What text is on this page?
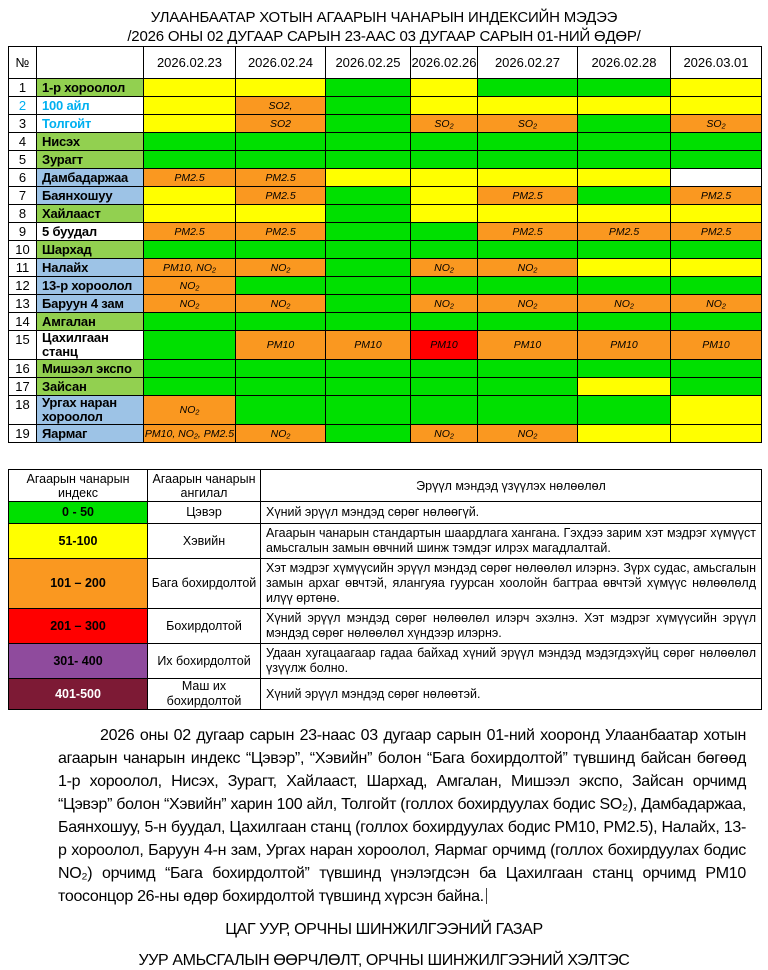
УЛААНБААТАР ХОТЫН АГААРЫН ЧАНАРЫН ИНДЕКСИЙН МЭДЭЭ
/2026 ОНЫ 02 ДУГААР САРЫН 23-ААС 03 ДУГААР САРЫН 01-НИЙ ӨДӨР/
№		2026.02.23	2026.02.24	2026.02.25	2026.02.26	2026.02.27	2026.02.28	2026.03.01
1	1-р хороолол							
2	100 айл		SO2,					
3	Толгойт		SO2		SO₂	SO₂		SO₂
4	Нисэх							
5	Зурагт							
6	Дамбадаржаа	PM2.5	PM2.5					
7	Баянхошуу		PM2.5			PM2.5		PM2.5
8	Хайлааст							
9	5 буудал	PM2.5	PM2.5			PM2.5	PM2.5	PM2.5
10	Шархад							
11	Налайх	PM10, NO₂	NO₂		NO₂	NO₂		
12	13-р хороолол	NO₂						
13	Баруун 4 зам	NO₂	NO₂		NO₂	NO₂	NO₂	NO₂
14	Амгалан							
15	Цахилгаан станц		PM10	PM10	PM10	PM10	PM10	PM10
16	Мишээл экспо							
17	Зайсан							
18	Ургах наран хороолол	NO₂						
19	Яармаг	PM10, NO₂, PM2.5	NO₂		NO₂	NO₂		
Агаарын чанарын индекс	Агаарын чанарын ангилал	Эрүүл мэндэд үзүүлэх нөлөөлөл
0 - 50	Цэвэр	Хүний эрүүл мэндэд сөрөг нөлөөгүй.
51-100	Хэвийн	Агаарын чанарын стандартын шаардлага хангана. Гэхдээ зарим хэт мэдрэг хүмүүст амьсгалын замын өвчний шинж тэмдэг илрэх магадлалтай.
101 – 200	Бага бохирдолтой	Хэт мэдрэг хүмүүсийн эрүүл мэндэд сөрөг нөлөөлөл илэрнэ. Зүрх судас, амьсгалын замын архаг өвчтэй, ялангуяа гуурсан хоолойн багтраа өвчтэй хүмүүс нөлөөлөлд илүү өртөнө.
201 – 300	Бохирдолтой	Хүний эрүүл мэндэд сөрөг нөлөөлөл илэрч эхэлнэ. Хэт мэдрэг хүмүүсийн эрүүл мэндэд сөрөг нөлөөлөл хүндээр илэрнэ.
301- 400	Их бохирдолтой	Удаан хугацаагаар гадаа байхад хүний эрүүл мэндэд мэдэгдэхүйц сөрөг нөлөөлөл үзүүлж болно.
401-500	Маш их бохирдолтой	Хүний эрүүл мэндэд сөрөг нөлөөтэй.

2026 оны 02 дугаар сарын 23-наас 03 дугаар сарын 01-ний хооронд Улаанбаатар хотын агаарын чанарын индекс “Цэвэр”, “Хэвийн” болон “Бага бохирдолтой” түвшинд байсан бөгөөд 1-р хороолол, Нисэх, Зурагт, Хайлааст, Шархад, Амгалан, Мишээл экспо, Зайсан орчимд “Цэвэр” болон “Хэвийн” харин 100 айл, Толгойт (голлох бохирдуулах бодис SO₂), Дамбадаржаа, Баянхошуу, 5-н буудал, Цахилгаан станц (голлох бохирдуулах бодис PM10, PM2.5), Налайх, 13-р хороолол, Баруун 4-н зам, Ургах наран хороолол, Яармаг орчимд (голлох бохирдуулах бодис NO₂) орчимд “Бага бохирдолтой” түвшинд үнэлэгдсэн ба Цахилгаан станц орчимд PM10 тоосонцор 26-ны өдөр бохирдолтой түвшинд хүрсэн байна.

ЦАГ УУР, ОРЧНЫ ШИНЖИЛГЭЭНИЙ ГАЗАР
УУР АМЬСГАЛЫН ӨӨРЧЛӨЛТ, ОРЧНЫ ШИНЖИЛГЭЭНИЙ ХЭЛТЭС
